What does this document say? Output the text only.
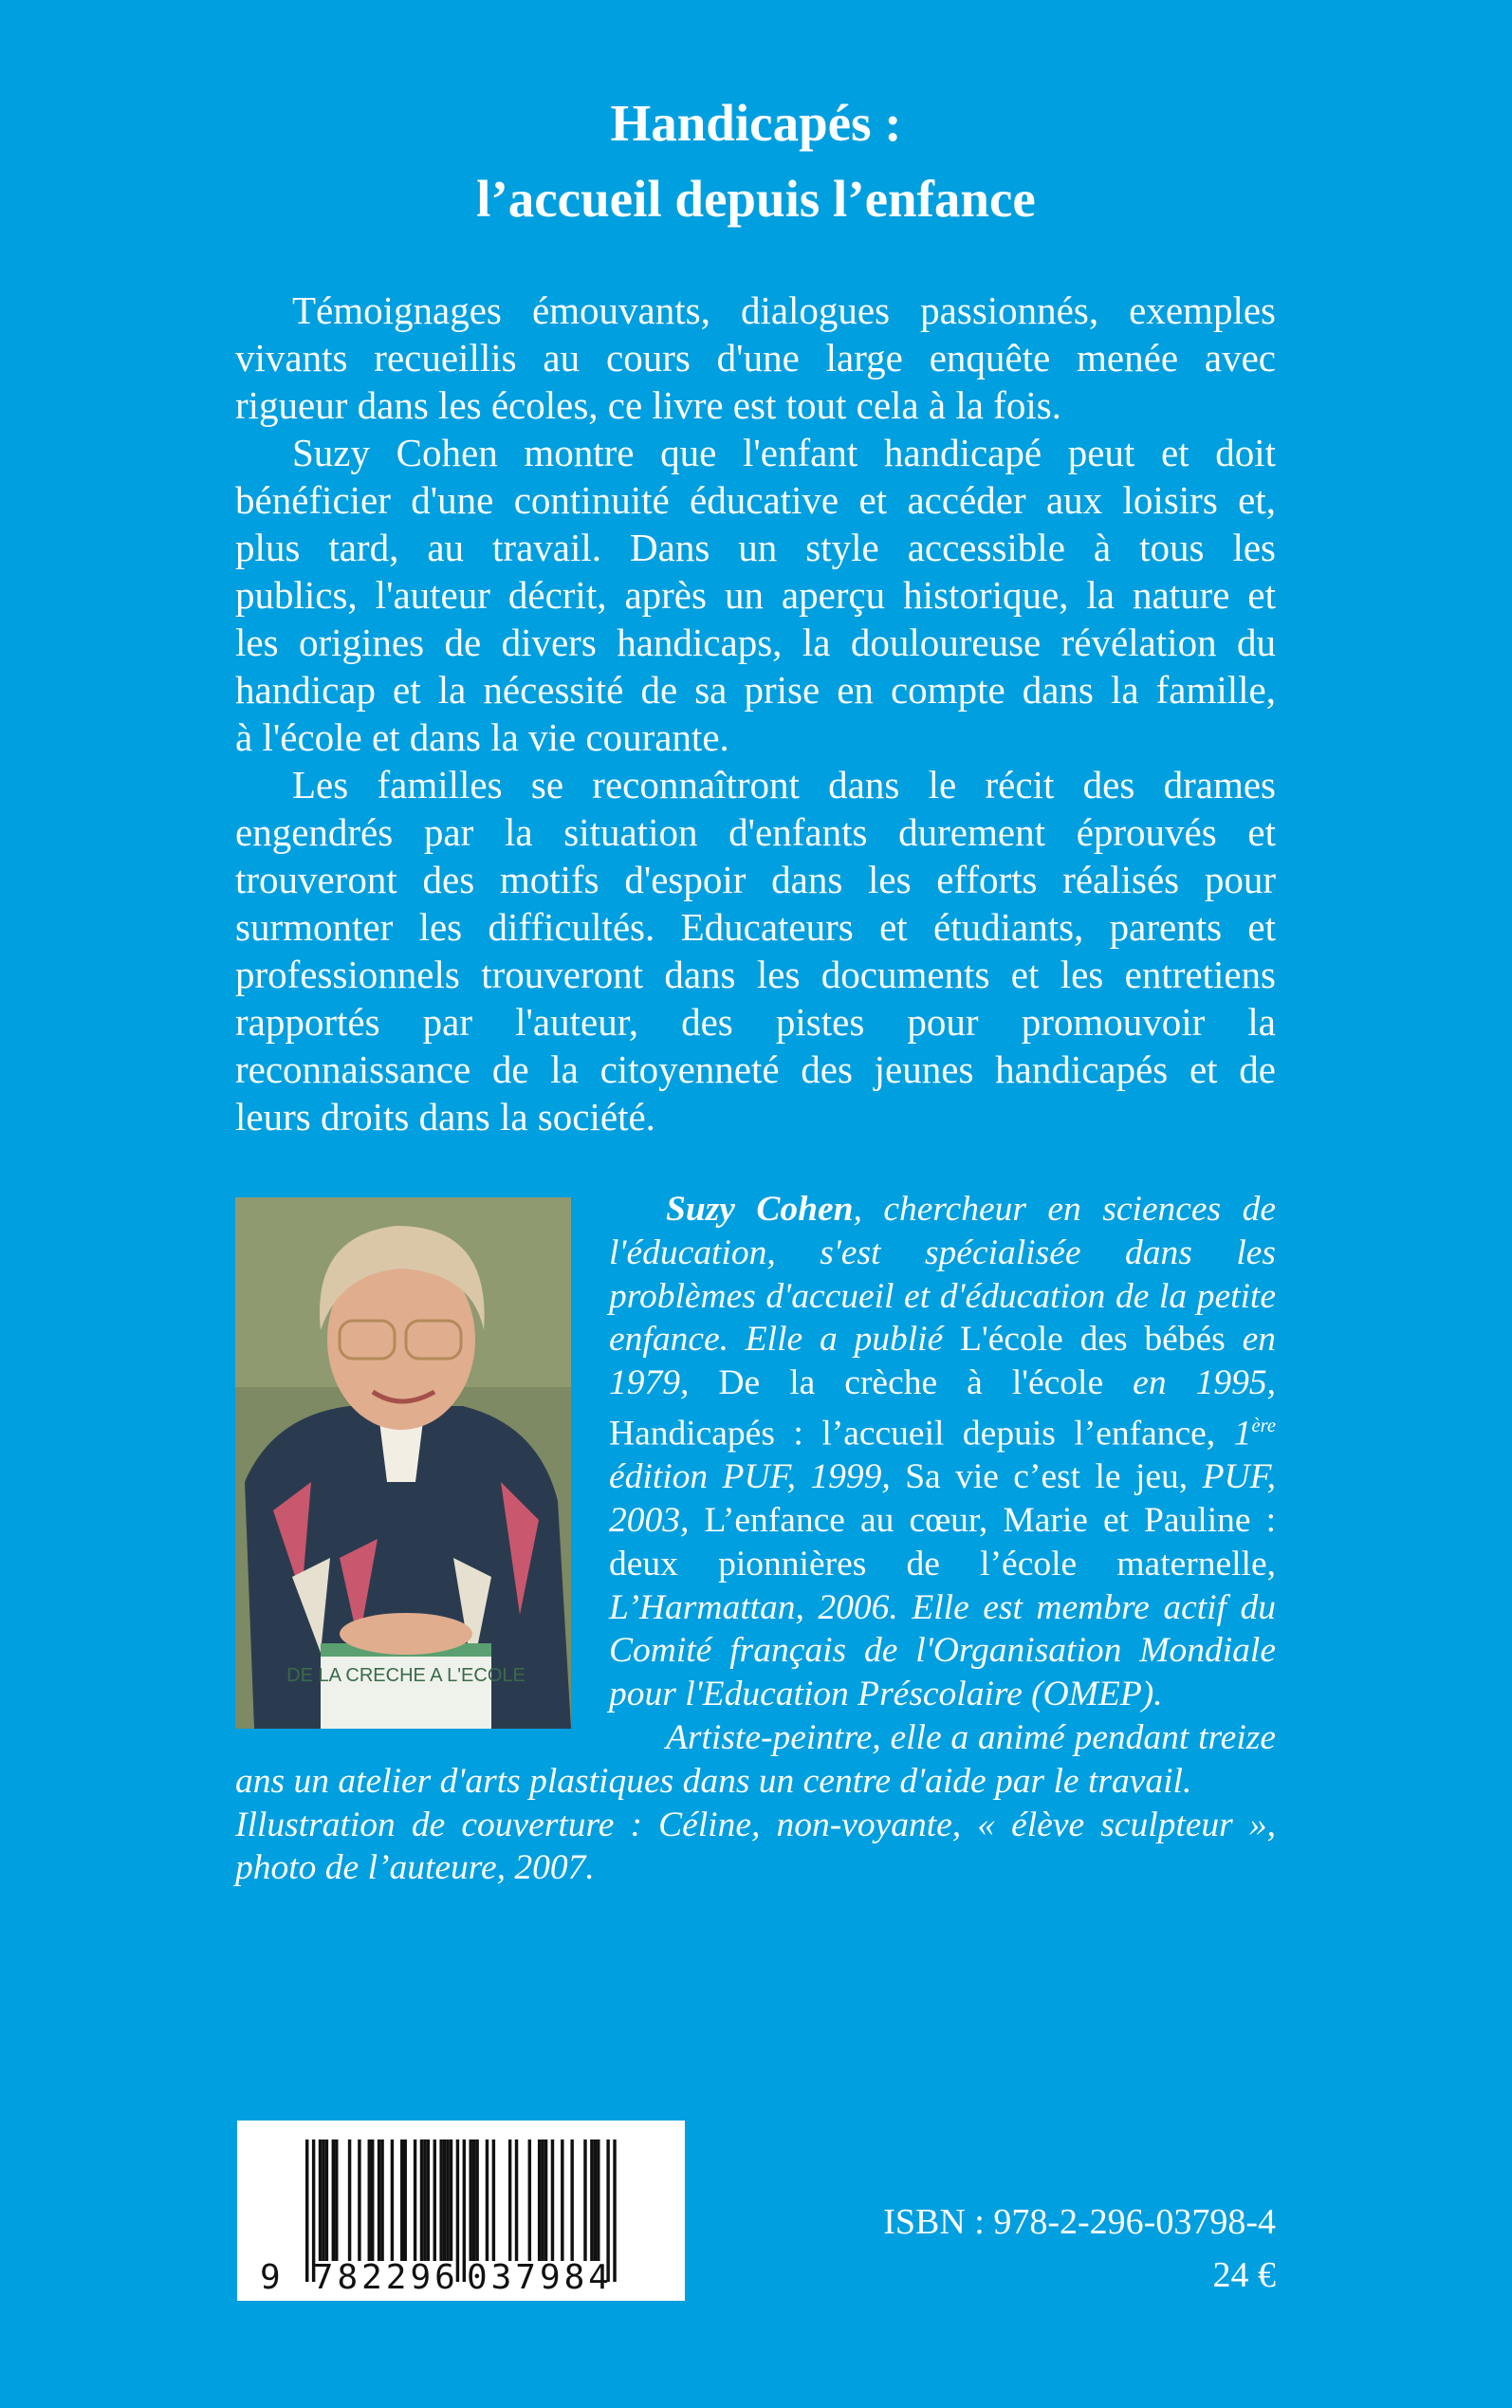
Handicapés :
l’accueil depuis l’enfance
Témoignages émouvants, dialogues passionnés, exemples
vivants recueillis au cours d'une large enquête menée avec
rigueur dans les écoles, ce livre est tout cela à la fois.
Suzy Cohen montre que l'enfant handicapé peut et doit
bénéficier d'une continuité éducative et accéder aux loisirs et,
plus tard, au travail. Dans un style accessible à tous les
publics, l'auteur décrit, après un aperçu historique, la nature et
les origines de divers handicaps, la douloureuse révélation du
handicap et la nécessité de sa prise en compte dans la famille,
à l'école et dans la vie courante.
Les familles se reconnaîtront dans le récit des drames
engendrés par la situation d'enfants durement éprouvés et
trouveront des motifs d'espoir dans les efforts réalisés pour
surmonter les difficultés. Educateurs et étudiants, parents et
professionnels trouveront dans les documents et les entretiens
rapportés par l'auteur, des pistes pour promouvoir la
reconnaissance de la citoyenneté des jeunes handicapés et de
leurs droits dans la société.
DE LA CRECHE A L'ECOLE

Suzy Cohen, chercheur en sciences de l'éducation, s'est spécialisée dans les problèmes d'accueil et d'éducation de la petite enfance. Elle a publié L'école des bébés en 1979, De la crèche à l'école en 1995, Handicapés : l’accueil depuis l’enfance, 1ère édition PUF, 1999, Sa vie c’est le jeu, PUF, 2003, L’enfance au cœur, Marie et Pauline : deux pionnières de l’école maternelle, L’Harmattan, 2006. Elle est membre actif du Comité français de l'Organisation Mondiale pour l'Education Préscolaire (OMEP).

Artiste-peintre, elle a animé pendant treize ans un atelier d'arts plastiques dans un centre d'aide par le travail.

Illustration de couverture : Céline, non-voyante, « élève sculpteur », photo de l’auteure, 2007.

9 782296 037984
ISBN : 978-2-296-03798-4
24 €
